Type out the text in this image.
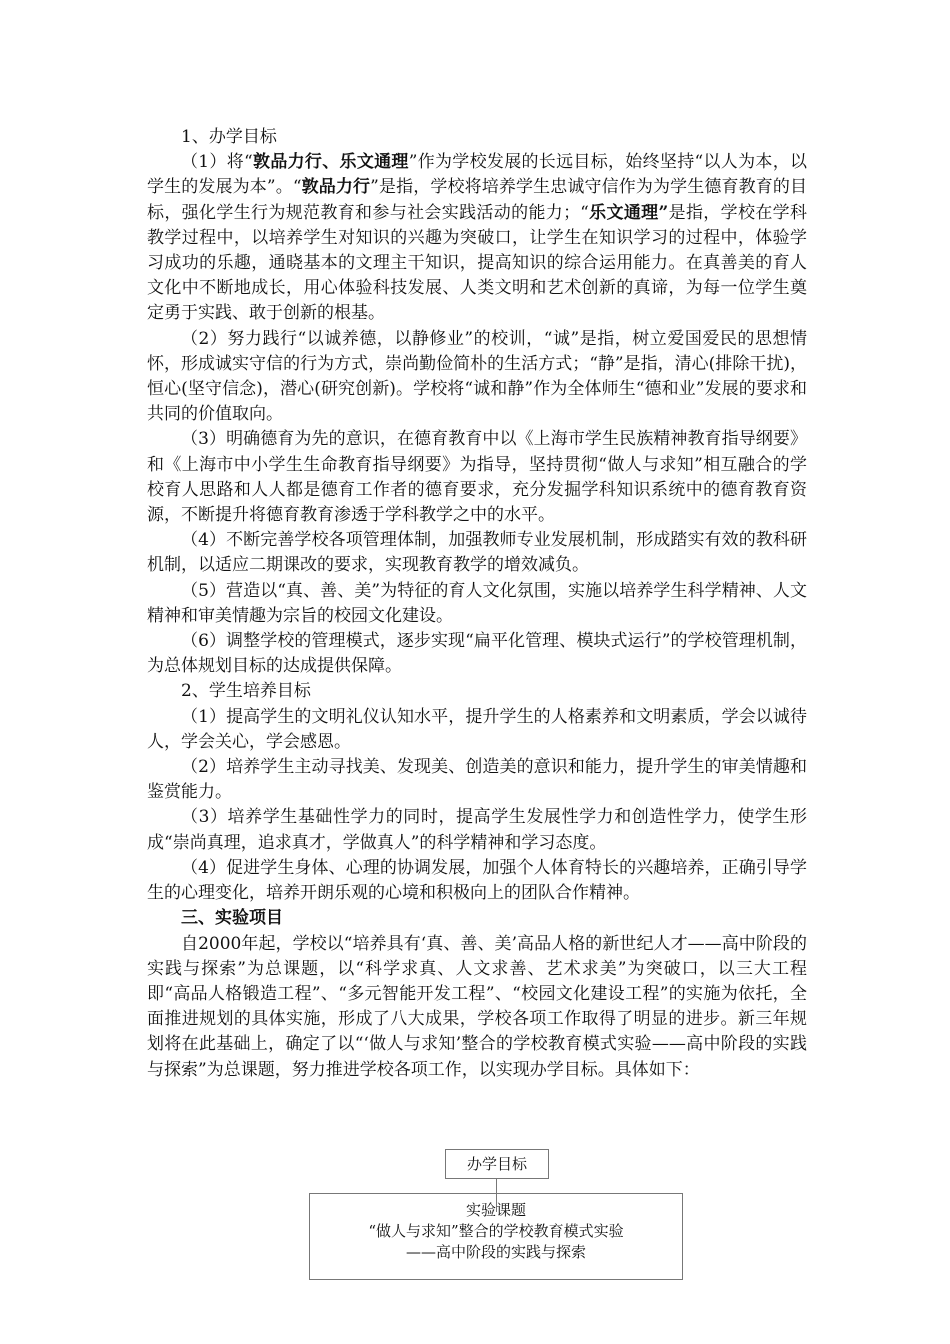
1、办学目标

（1）将“敦品力行、乐文通理”作为学校发展的长远目标，始终坚持“以人为本，以学生的发展为本”。“敦品力行”是指，学校将培养学生忠诚守信作为为学生德育教育的目标，强化学生行为规范教育和参与社会实践活动的能力；“乐文通理”是指，学校在学科教学过程中，以培养学生对知识的兴趣为突破口，让学生在知识学习的过程中，体验学习成功的乐趣，通晓基本的文理主干知识，提高知识的综合运用能力。在真善美的育人文化中不断地成长，用心体验科技发展、人类文明和艺术创新的真谛，为每一位学生奠定勇于实践、敢于创新的根基。

（2）努力践行“以诚养德，以静修业”的校训，“诚”是指，树立爱国爱民的思想情怀，形成诚实守信的行为方式，崇尚勤俭简朴的生活方式；“静”是指，清心(排除干扰)，恒心(坚守信念)，潜心(研究创新)。学校将“诚和静”作为全体师生“德和业”发展的要求和共同的价值取向。

（3）明确德育为先的意识，在德育教育中以《上海市学生民族精神教育指导纲要》和《上海市中小学生生命教育指导纲要》为指导，坚持贯彻“做人与求知”相互融合的学校育人思路和人人都是德育工作者的德育要求，充分发掘学科知识系统中的德育教育资源，不断提升将德育教育渗透于学科教学之中的水平。

（4）不断完善学校各项管理体制，加强教师专业发展机制，形成踏实有效的教科研机制，以适应二期课改的要求，实现教育教学的增效减负。

（5）营造以“真、善、美”为特征的育人文化氛围，实施以培养学生科学精神、人文精神和审美情趣为宗旨的校园文化建设。

（6）调整学校的管理模式，逐步实现“扁平化管理、模块式运行”的学校管理机制，为总体规划目标的达成提供保障。

2、学生培养目标

（1）提高学生的文明礼仪认知水平，提升学生的人格素养和文明素质，学会以诚待人，学会关心，学会感恩。

（2）培养学生主动寻找美、发现美、创造美的意识和能力，提升学生的审美情趣和鉴赏能力。

（3）培养学生基础性学力的同时，提高学生发展性学力和创造性学力，使学生形成“崇尚真理，追求真才，学做真人”的科学精神和学习态度。

（4）促进学生身体、心理的协调发展，加强个人体育特长的兴趣培养，正确引导学生的心理变化，培养开朗乐观的心境和积极向上的团队合作精神。

三、实验项目

自2000年起，学校以“培养具有‘真、善、美’高品人格的新世纪人才——高中阶段的实践与探索”为总课题，以“科学求真、人文求善、艺术求美”为突破口，以三大工程即“高品人格锻造工程”、“多元智能开发工程”、“校园文化建设工程”的实施为依托，全面推进规划的具体实施，形成了八大成果，学校各项工作取得了明显的进步。新三年规划将在此基础上，确定了以“‘做人与求知’整合的学校教育模式实验——高中阶段的实践与探索”为总课题，努力推进学校各项工作，以实现办学目标。具体如下：

办学目标
实验课题
“做人与求知”整合的学校教育模式实验
——高中阶段的实践与探索
